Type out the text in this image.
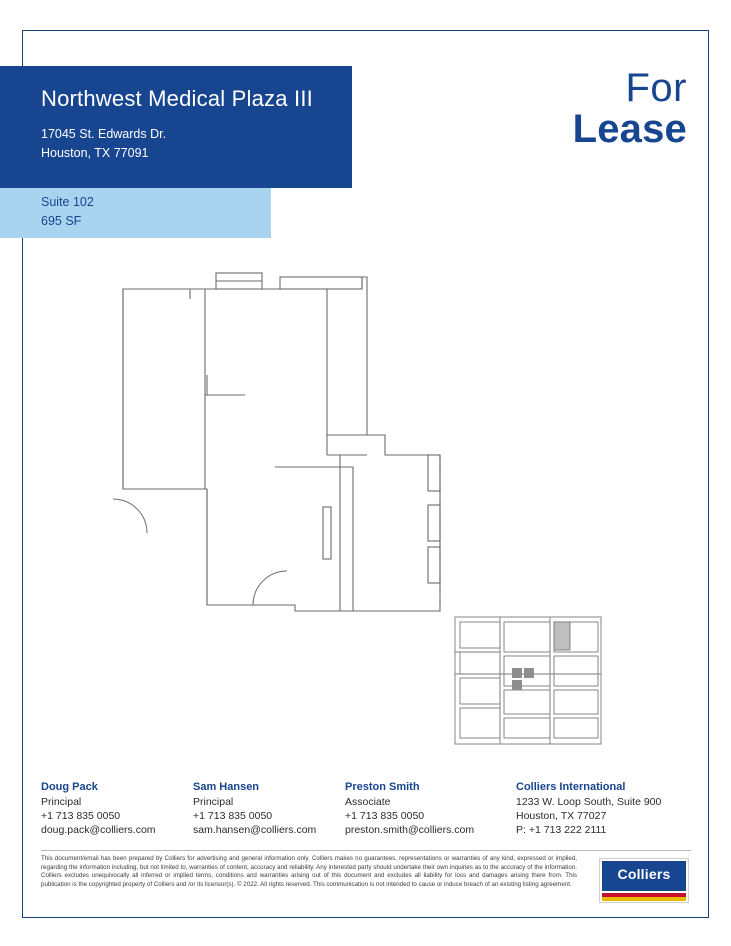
Northwest Medical Plaza III
17045 St. Edwards Dr.
Houston, TX 77091
Suite 102
695 SF
For
Lease
Doug Pack
Principal
+1 713 835 0050
doug.pack@colliers.com
Sam Hansen
Principal
+1 713 835 0050
sam.hansen@colliers.com
Preston Smith
Associate
+1 713 835 0050
preston.smith@colliers.com
Colliers International
1233 W. Loop South, Suite 900
Houston, TX 77027
P: +1 713 222 2111
This document/email has been prepared by Colliers for advertising and general information only. Colliers makes no guarantees, representations or warranties of any kind, expressed or implied, regarding the information including, but not limited to, warranties of content, accuracy and reliability. Any interested party should undertake their own inquiries as to the accuracy of the information. Colliers excludes unequivocally all inferred or implied terms, conditions and warranties arising out of this document and excludes all liability for loss and damages arising there from. This publication is the copyrighted property of Colliers and /or its licensor(s). © 2022. All rights reserved. This communication is not intended to cause or induce breach of an existing listing agreement.
Colliers
